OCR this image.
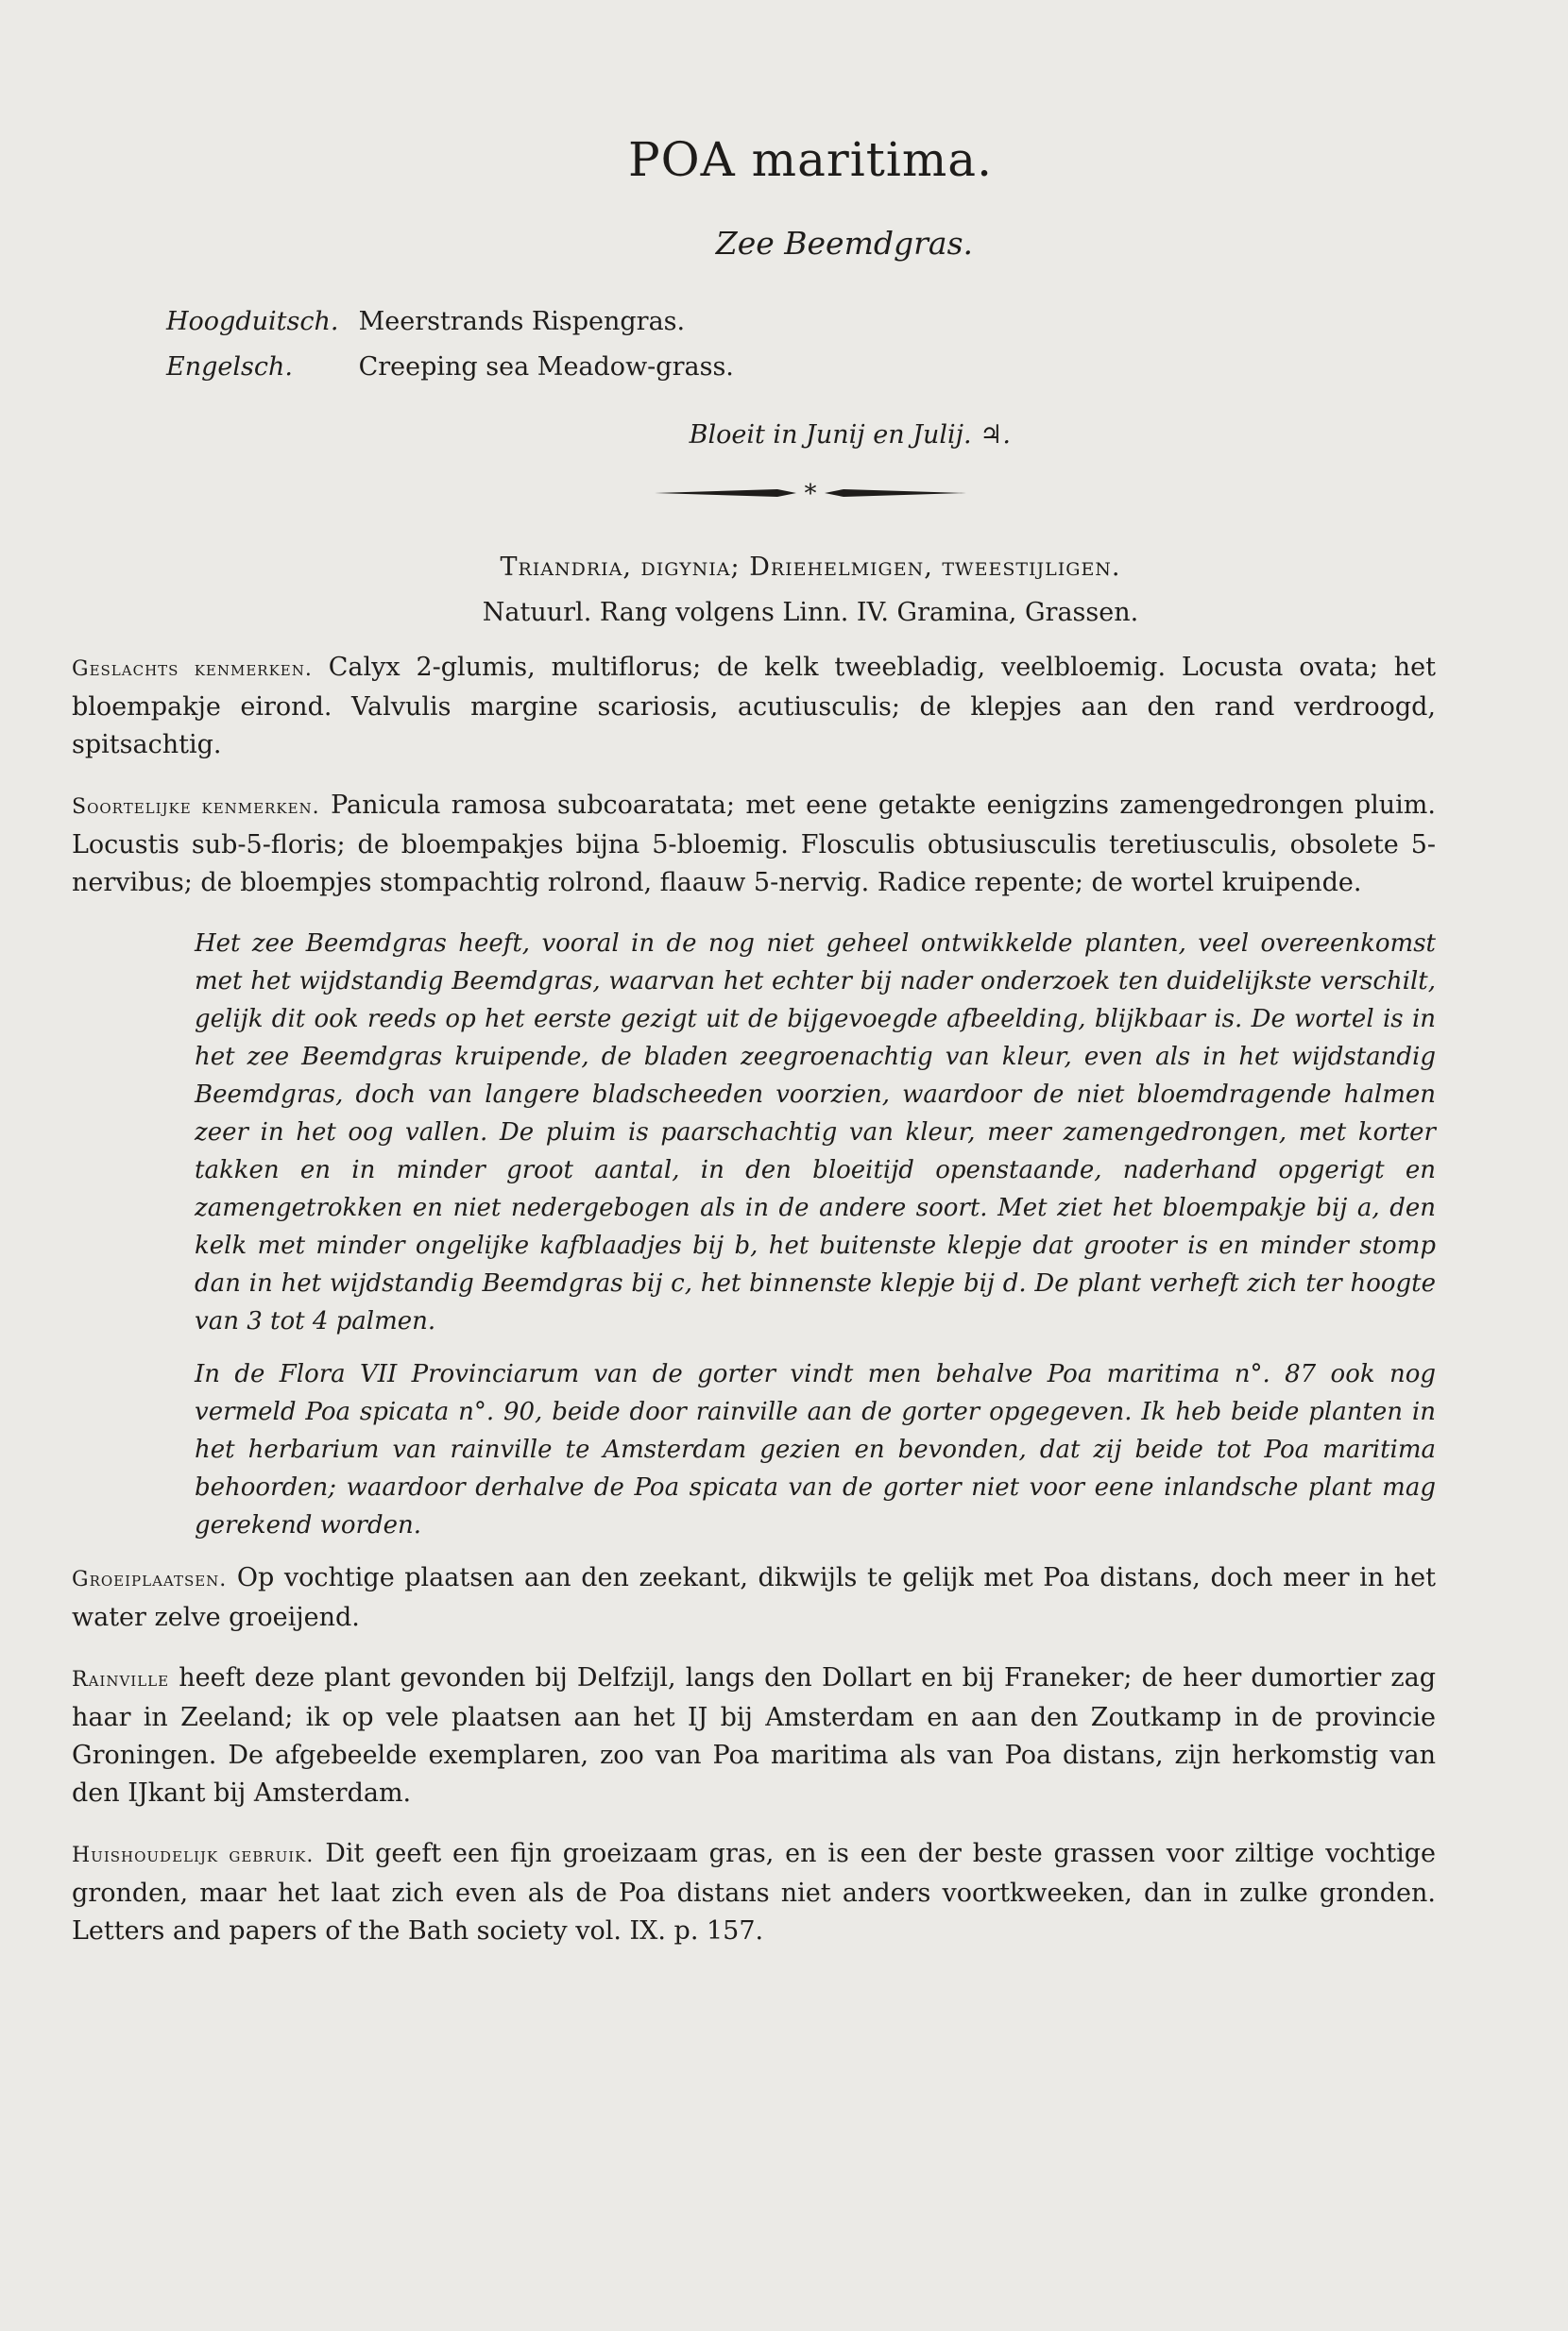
POA maritima.
Zee Beemdgras.
Hoogduitsch. Meerstrands Rispengras.
Engelsch.	Creeping sea Meadow-grass.
Bloeit in Junij en Julij. ♃.
*
Triandria, digynia; Driehelmigen, tweestijligen.
Natuurl. Rang volgens Linn. IV. Gramina, Grassen.
Geslachts kenmerken. Calyx 2-glumis, multiflorus; de kelk tweebladig, veelbloemig. Locusta ovata; het bloempakje eirond. Valvulis margine scariosis, acutiusculis; de klepjes aan den rand verdroogd, spitsachtig.
Soortelijke kenmerken. Panicula ramosa subcoaratata; met eene getakte eenigzins zamengedrongen pluim. Locustis sub-5-floris; de bloempakjes bijna 5-bloemig. Flosculis obtusiusculis teretiusculis, obsolete 5-nervibus; de bloempjes stompachtig rolrond, flaauw 5-nervig. Radice repente; de wortel kruipende.
Het zee Beemdgras heeft, vooral in de nog niet geheel ontwikkelde planten, veel overeenkomst met het wijdstandig Beemdgras, waarvan het echter bij nader onderzoek ten duidelijkste verschilt, gelijk dit ook reeds op het eerste gezigt uit de bijgevoegde afbeelding, blijkbaar is. De wortel is in het zee Beemdgras kruipende, de bladen zeegroenachtig van kleur, even als in het wijdstandig Beemdgras, doch van langere bladscheeden voorzien, waardoor de niet bloemdragende halmen zeer in het oog vallen. De pluim is paarschachtig van kleur, meer zamengedrongen, met korter takken en in minder groot aantal, in den bloeitijd openstaande, naderhand opgerigt en zamengetrokken en niet nedergebogen als in de andere soort. Met ziet het bloempakje bij a, den kelk met minder ongelijke kafblaadjes bij b, het buitenste klepje dat grooter is en minder stomp dan in het wijdstandig Beemdgras bij c, het binnenste klepje bij d. De plant verheft zich ter hoogte van 3 tot 4 palmen.
In de Flora VII Provinciarum van de gorter vindt men behalve Poa maritima n°. 87 ook nog vermeld Poa spicata n°. 90, beide door rainville aan de gorter opgegeven. Ik heb beide planten in het herbarium van rainville te Amsterdam gezien en bevonden, dat zij beide tot Poa maritima behoorden; waardoor derhalve de Poa spicata van de gorter niet voor eene inlandsche plant mag gerekend worden.
Groeiplaatsen. Op vochtige plaatsen aan den zeekant, dikwijls te gelijk met Poa distans, doch meer in het water zelve groeijend.
Rainville heeft deze plant gevonden bij Delfzijl, langs den Dollart en bij Franeker; de heer dumortier zag haar in Zeeland; ik op vele plaatsen aan het IJ bij Amsterdam en aan den Zoutkamp in de provincie Groningen. De afgebeelde exemplaren, zoo van Poa maritima als van Poa distans, zijn herkomstig van den IJkant bij Amsterdam.
Huishoudelijk gebruik. Dit geeft een fijn groeizaam gras, en is een der beste grassen voor ziltige vochtige gronden, maar het laat zich even als de Poa distans niet anders voortkweeken, dan in zulke gronden. Letters and papers of the Bath society vol. IX. p. 157.
